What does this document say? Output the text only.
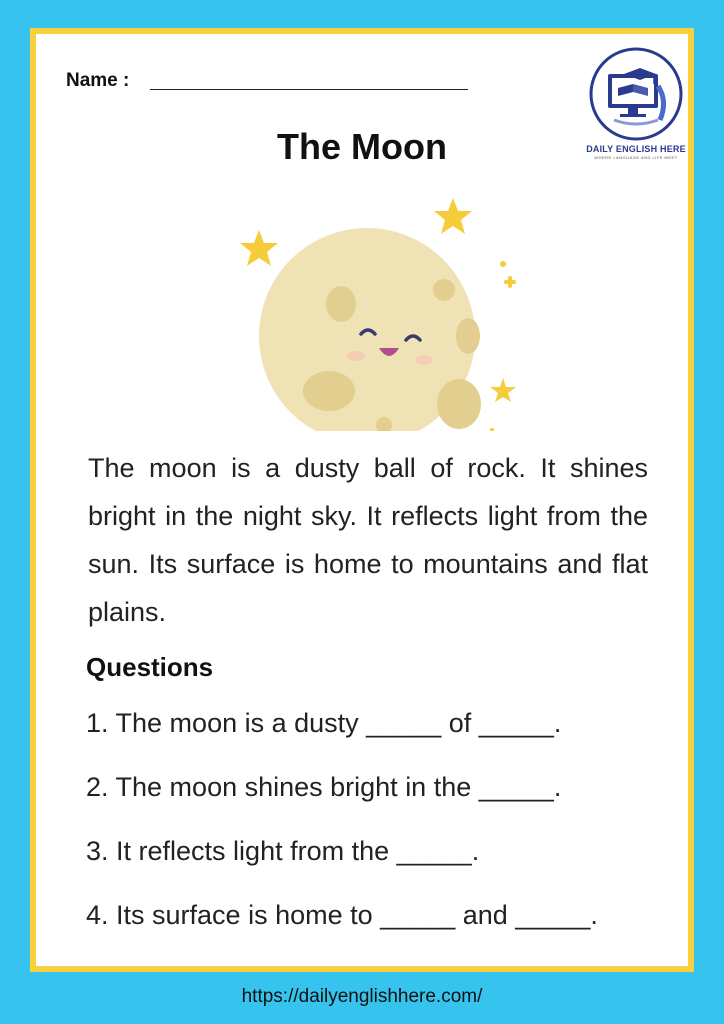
Name :
DAILY ENGLISH HERE
WHERE LANGUAGE AND LIFE MEET
The Moon
The moon is a dusty ball of rock. It shines bright in the night sky. It reflects light from the sun. Its surface is home to mountains and flat plains.
Questions
1. The moon is a dusty _____ of _____.
2. The moon shines bright in the _____.
3. It reflects light from the _____.
4. Its surface is home to _____ and _____.
https://dailyenglishhere.com/
